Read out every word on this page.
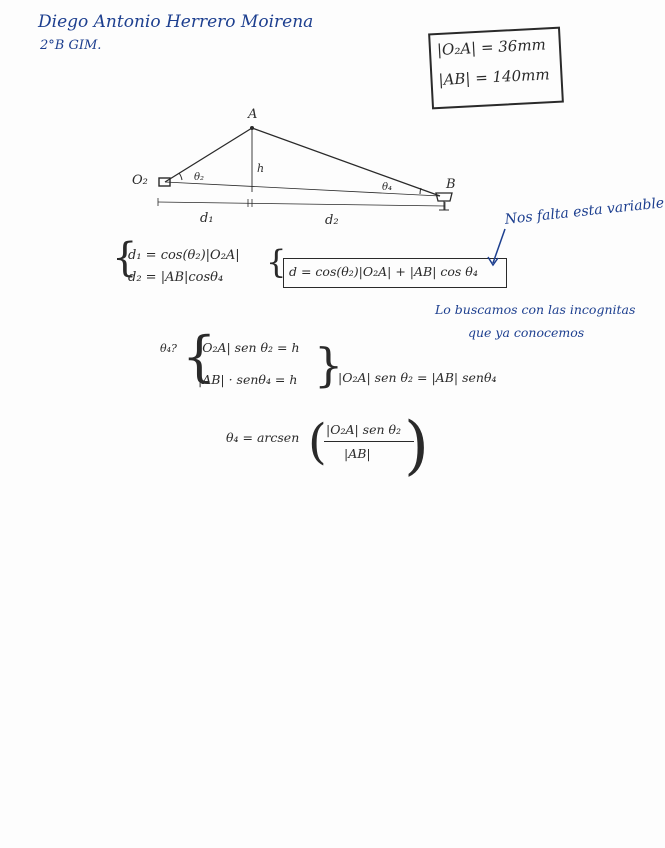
Diego Antonio Herrero Moirena
2°B GIM.	|O₂A| = 36mm
|AB| = 140mm
A
B
O₂	θ₂
θ₄
h
d₁	d₂
{
d₁ = cos(θ₂)|O₂A|
d₂ = |AB|cosθ₄ { d = cos(θ₂)|O₂A| + |AB| cos θ₄
Nos falta esta variable
Lo buscamos con las incognitas
que ya conocemos
θ₄? {
|O₂A| sen θ₂ = h
|AB| · senθ₄ = h }
|O₂A| sen θ₂ = |AB| senθ₄
θ₄ = arcsen ( |O₂A| sen θ₂
|AB| )
